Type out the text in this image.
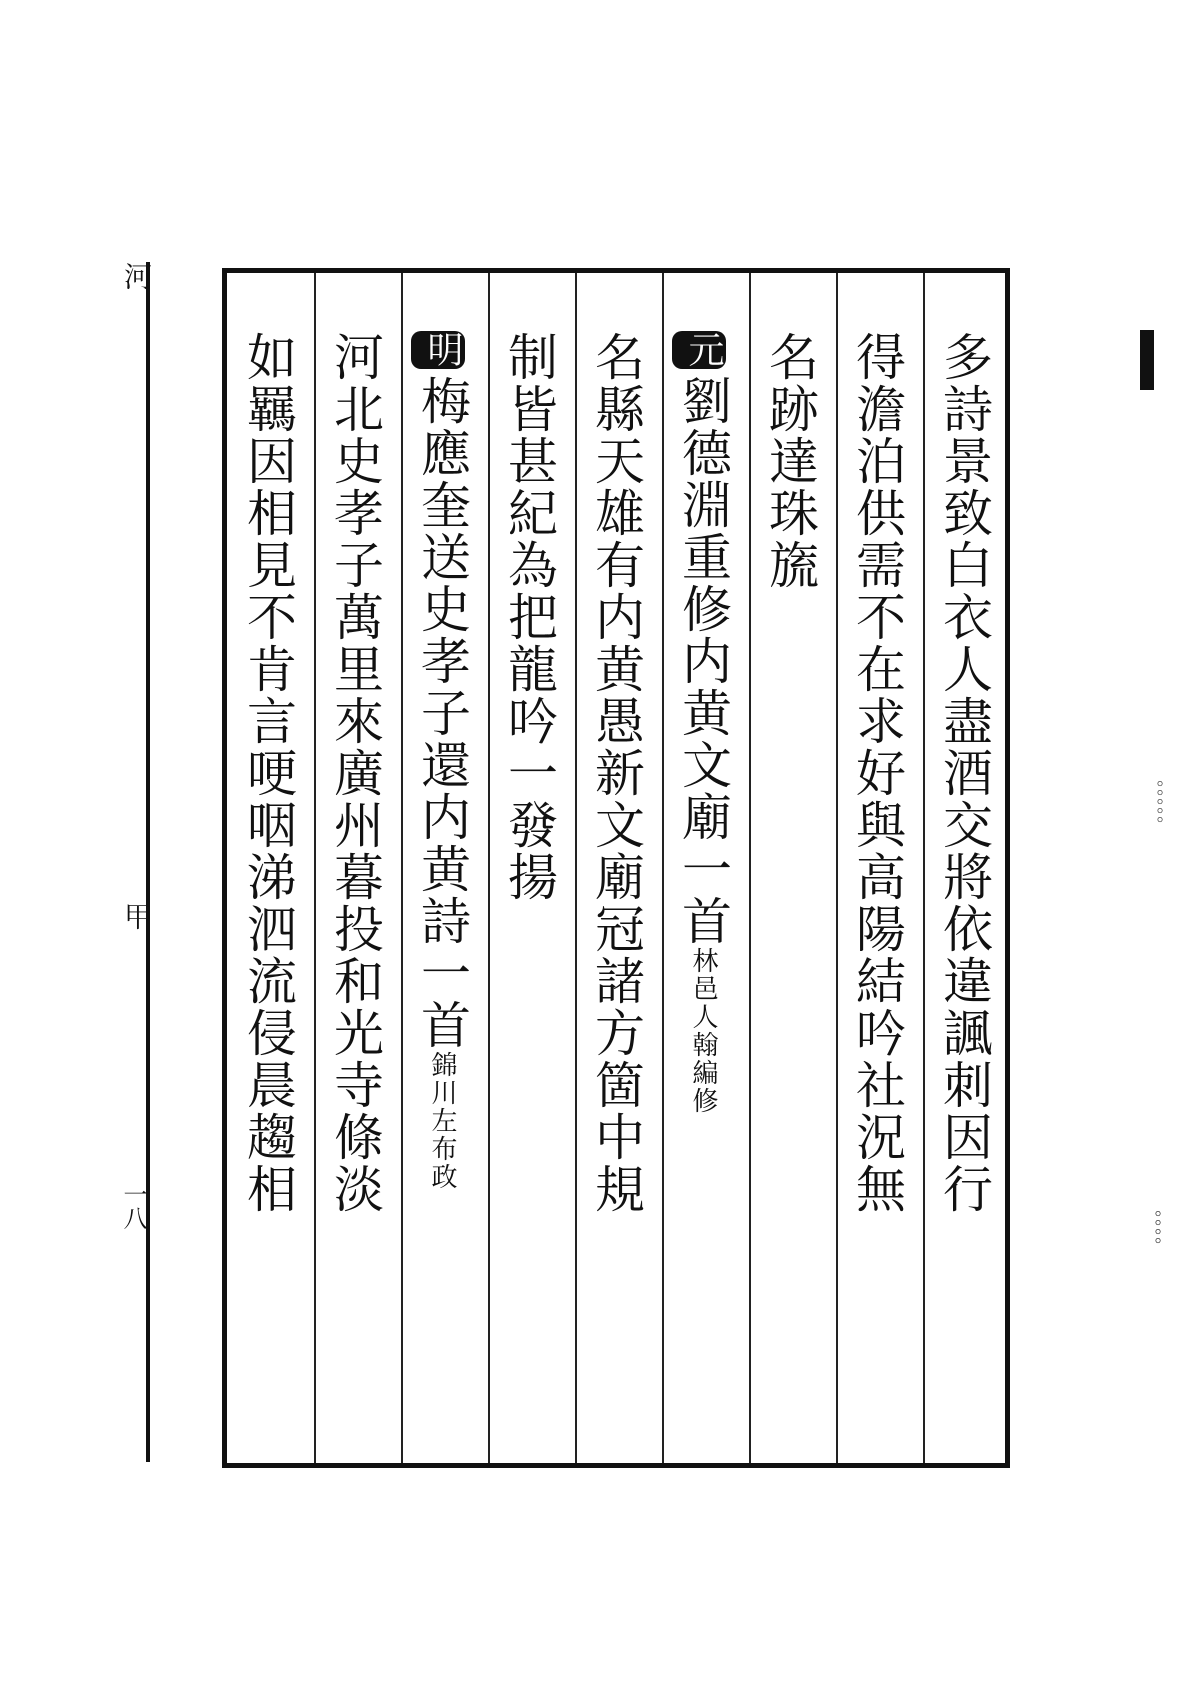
河
甲
一八	多詩景致白衣人盡酒交將依違諷刺因行
得澹泊供需不在求好與高陽結吟社況無
名跡達珠旒
元劉德淵重修内黄文廟一首林邑人翰編修
名縣天雄有内黄愚新文廟冠諸方箇中規
制皆甚紀為把龍吟一發揚
明梅應奎送史孝子還内黄詩一首錦川左布政
河北史孝子萬里來廣州暮投和光寺條淡
如羈因相見不肯言哽咽涕泗流侵晨趨相	。。。。。
。。。。
